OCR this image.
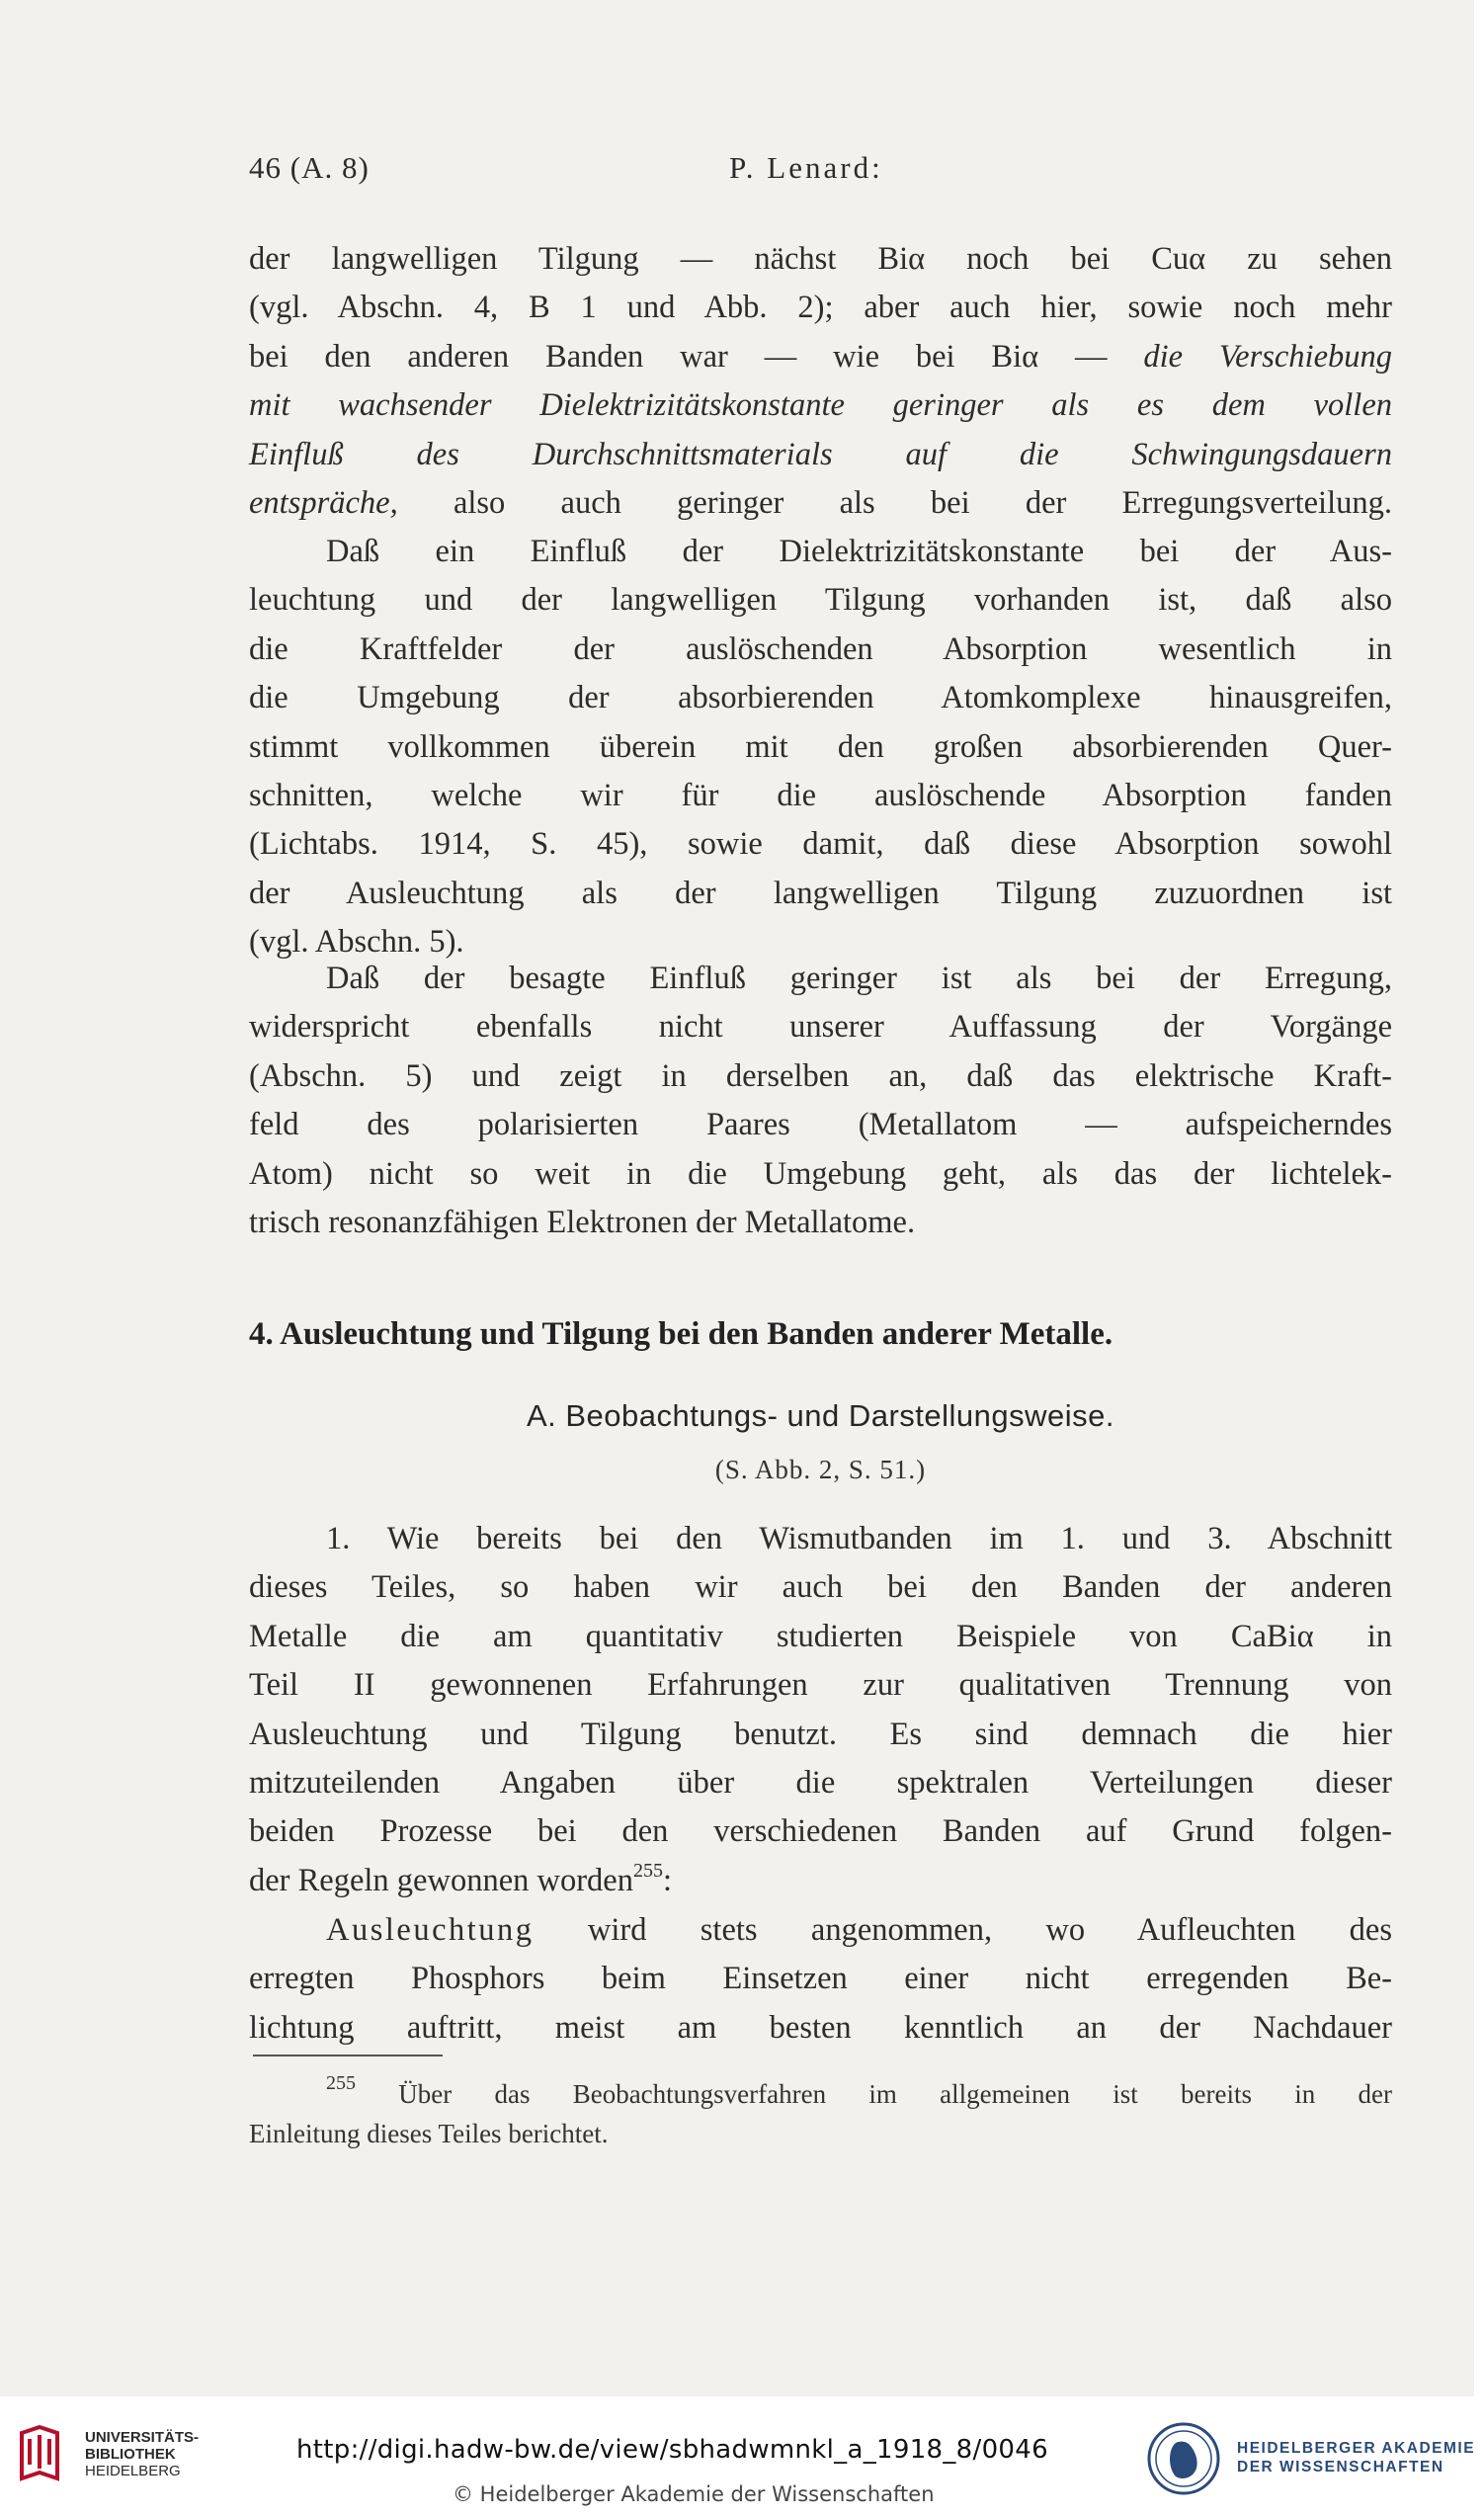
46 (A. 8)	P. Lenard:
der langwelligen Tilgung — nächst Biα noch bei Cuα zu sehen
(vgl. Abschn. 4, B 1 und Abb. 2); aber auch hier, sowie noch mehr
bei den anderen Banden war — wie bei Biα — die Verschiebung
mit wachsender Dielektrizitätskonstante geringer als es dem vollen
Einfluß des Durchschnittsmaterials auf die Schwingungsdauern
entspräche, also auch geringer als bei der Erregungsverteilung.
Daß ein Einfluß der Dielektrizitätskonstante bei der Aus-
leuchtung und der langwelligen Tilgung vorhanden ist, daß also
die Kraftfelder der auslöschenden Absorption wesentlich in
die Umgebung der absorbierenden Atomkomplexe hinausgreifen,
stimmt vollkommen überein mit den großen absorbierenden Quer-
schnitten, welche wir für die auslöschende Absorption fanden
(Lichtabs. 1914, S. 45), sowie damit, daß diese Absorption sowohl
der Ausleuchtung als der langwelligen Tilgung zuzuordnen ist
(vgl. Abschn. 5).
Daß der besagte Einfluß geringer ist als bei der Erregung,
widerspricht ebenfalls nicht unserer Auffassung der Vorgänge
(Abschn. 5) und zeigt in derselben an, daß das elektrische Kraft-
feld des polarisierten Paares (Metallatom — aufspeicherndes
Atom) nicht so weit in die Umgebung geht, als das der lichtelek-
trisch resonanzfähigen Elektronen der Metallatome.
4. Ausleuchtung und Tilgung bei den Banden anderer Metalle.
A. Beobachtungs- und Darstellungsweise.
(S. Abb. 2, S. 51.)
1. Wie bereits bei den Wismutbanden im 1. und 3. Abschnitt
dieses Teiles, so haben wir auch bei den Banden der anderen
Metalle die am quantitativ studierten Beispiele von CaBiα in
Teil II gewonnenen Erfahrungen zur qualitativen Trennung von
Ausleuchtung und Tilgung benutzt. Es sind demnach die hier
mitzuteilenden Angaben über die spektralen Verteilungen dieser
beiden Prozesse bei den verschiedenen Banden auf Grund folgen-
der Regeln gewonnen worden$^{255}$:
Ausleuchtung wird stets angenommen, wo Aufleuchten des
erregten Phosphors beim Einsetzen einer nicht erregenden Be-
lichtung auftritt, meist am besten kenntlich an der Nachdauer
$^{255}$ Über das Beobachtungsverfahren im allgemeinen ist bereits in der
Einleitung dieses Teiles berichtet.
UNIVERSITÄTS-
BIBLIOTHEK
HEIDELBERG
http://digi.hadw-bw.de/view/sbhadwmnkl_a_1918_8/0046
© Heidelberger Akademie der Wissenschaften
HEIDELBERGER AKADEMIE
DER WISSENSCHAFTEN
